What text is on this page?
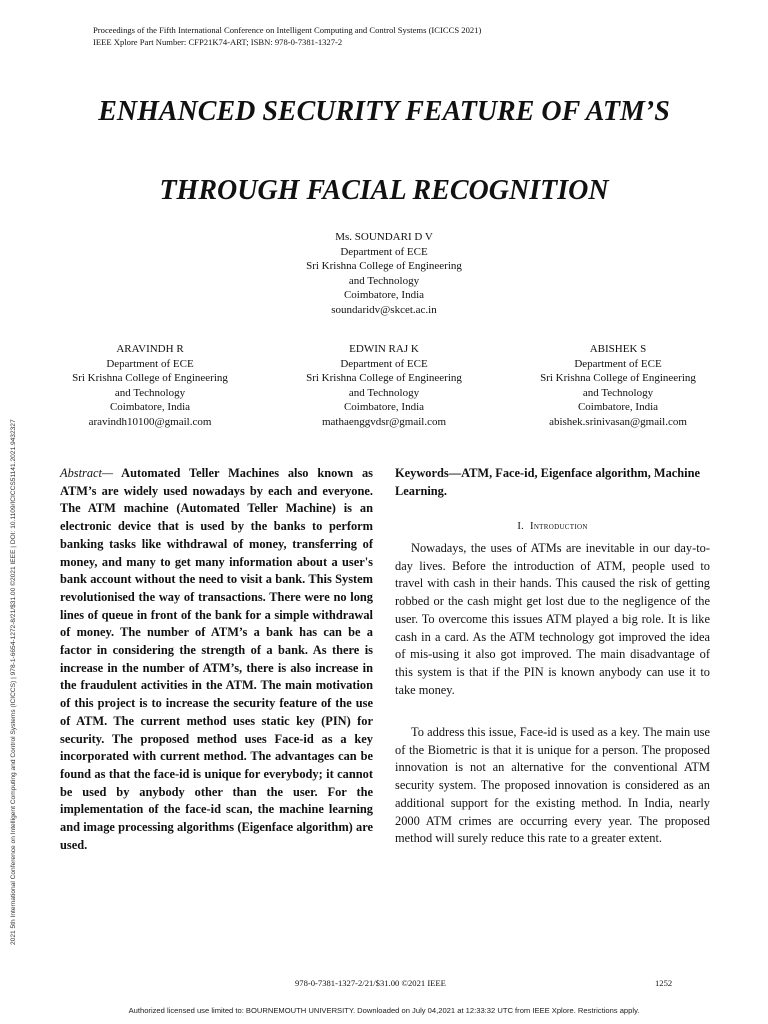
Proceedings of the Fifth International Conference on Intelligent Computing and Control Systems (ICICCS 2021)
IEEE Xplore Part Number: CFP21K74-ART; ISBN: 978-0-7381-1327-2
2021 5th International Conference on Intelligent Computing and Control Systems (ICICCS) | 978-1-6654-1272-8/21/$31.00 ©2021 IEEE | DOI: 10.1109/ICICCS51141.2021.9432327
ENHANCED SECURITY FEATURE OF ATM’S
THROUGH FACIAL RECOGNITION
Ms. SOUNDARI D V
Department of ECE
Sri Krishna College of Engineering
and Technology
Coimbatore, India
soundaridv@skcet.ac.in
ARAVINDH R
Department of ECE
Sri Krishna College of Engineering
and Technology
Coimbatore, India
aravindh10100@gmail.com
EDWIN RAJ K
Department of ECE
Sri Krishna College of Engineering
and Technology
Coimbatore, India
mathaenggvdsr@gmail.com
ABISHEK S
Department of ECE
Sri Krishna College of Engineering
and Technology
Coimbatore, India
abishek.srinivasan@gmail.com
Abstract— Automated Teller Machines also known as ATM’s are widely used nowadays by each and everyone. The ATM machine (Automated Teller Machine) is an electronic device that is used by the banks to perform banking tasks like withdrawal of money, transferring of money, and many to get many information about a user's bank account without the need to visit a bank. This System revolutionised the way of transactions. There were no long lines of queue in front of the bank for a simple withdrawal of money. The number of ATM’s a bank has can be a factor in considering the strength of a bank. As there is increase in the number of ATM’s, there is also increase in the fraudulent activities in the ATM. The main motivation of this project is to increase the security feature of the use of ATM. The current method uses static key (PIN) for security. The proposed method uses Face-id as a key incorporated with current method. The advantages can be found as that the face-id is unique for everybody; it cannot be used by anybody other than the user. For the implementation of the face-id scan, the machine learning and image processing algorithms (Eigenface algorithm) are used.
Keywords—ATM, Face-id, Eigenface algorithm, Machine Learning.
I. Introduction
Nowadays, the uses of ATMs are inevitable in our day-to-day lives. Before the introduction of ATM, people used to travel with cash in their hands. This caused the risk of getting robbed or the cash might get lost due to the negligence of the user. To overcome this issues ATM played a big role. It is like cash in a card. As the ATM technology got improved the idea of mis-using it also got improved. The main disadvantage of this system is that if the PIN is known anybody can use it to take money.
To address this issue, Face-id is used as a key. The main use of the Biometric is that it is unique for a person. The proposed innovation is not an alternative for the conventional ATM security system. The proposed innovation is considered as an additional support for the existing method. In India, nearly 2000 ATM crimes are occurring every year. The proposed method will surely reduce this rate to a greater extent.
978-0-7381-1327-2/21/$31.00 ©2021 IEEE	1252
Authorized licensed use limited to: BOURNEMOUTH UNIVERSITY. Downloaded on July 04,2021 at 12:33:32 UTC from IEEE Xplore. Restrictions apply.
